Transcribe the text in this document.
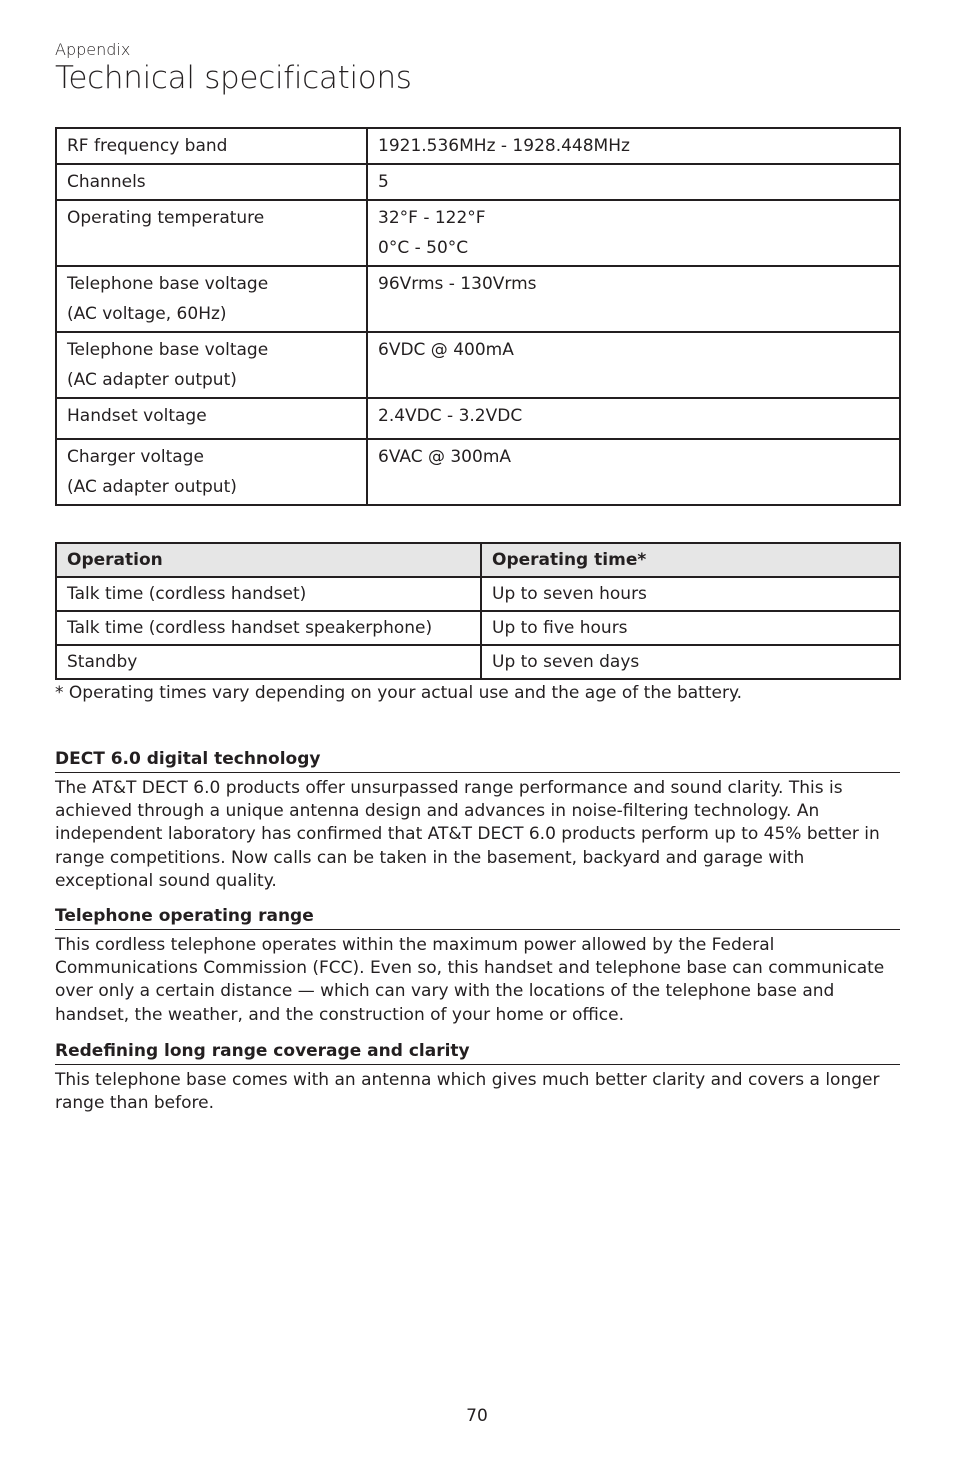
Appendix
Technical specifications
RF frequency band	1921.536MHz - 1928.448MHz

Channels	5

Operating temperature	32°F - 122°F
0°C - 50°C

Telephone base voltage
(AC voltage, 60Hz)	96Vrms - 130Vrms

Telephone base voltage
(AC adapter output)	6VDC @ 400mA

Handset voltage	2.4VDC - 3.2VDC

Charger voltage
(AC adapter output)	6VAC @ 300mA
Operation	Operating time*
Talk time (cordless handset)	Up to seven hours
Talk time (cordless handset speakerphone)	Up to five hours
Standby	Up to seven days
* Operating times vary depending on your actual use and the age of the battery.
DECT 6.0 digital technology

The AT&T DECT 6.0 products offer unsurpassed range performance and sound clarity. This is achieved through a unique antenna design and advances in noise-filtering technology. An independent laboratory has confirmed that AT&T DECT 6.0 products perform up to 45% better in range competitions. Now calls can be taken in the basement, backyard and garage with exceptional sound quality.

Telephone operating range

This cordless telephone operates within the maximum power allowed by the Federal Communications Commission (FCC). Even so, this handset and telephone base can communicate over only a certain distance — which can vary with the locations of the telephone base and handset, the weather, and the construction of your home or office.

Redefining long range coverage and clarity

This telephone base comes with an antenna which gives much better clarity and covers a longer range than before.

70
